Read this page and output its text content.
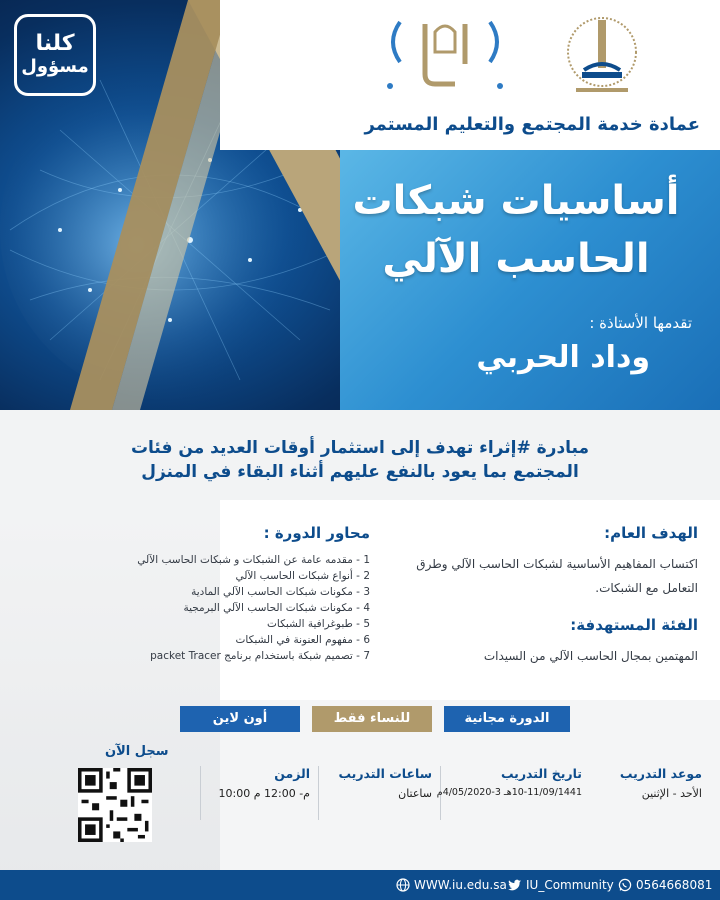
كلنا
مسؤول
عمادة خدمة المجتمع والتعليم المستمر
أساسيات شبكات
الحاسب الآلي
تقدمها الأستاذة :
وداد الحربي
مبادرة #إثراء تهدف إلى استثمار أوقات العديد من فئات
المجتمع بما يعود بالنفع عليهم أثناء البقاء في المنزل
الهدف العام:
اكتساب المفاهيم الأساسية لشبكات الحاسب الآلي وطرق التعامل مع الشبكات.
الفئة المستهدفة:
المهتمين بمجال الحاسب الآلي من السيدات
محاور الدورة :
1 - مقدمه عامة عن الشبكات و شبكات الحاسب الآلي
2 - أنواع شبكات الحاسب الآلي
3 - مكونات شبكات الحاسب الآلي المادية
4 - مكونات شبكات الحاسب الآلي البرمجية
5 - طبوغرافية الشبكات
6 - مفهوم العنونة في الشبكات
7 - تصميم شبكة باستخدام برنامج packet Tracer
أون لاين	للنساء فقط	الدورة مجانية
سجل الآن
موعد التدريب
الأحد - الإثنين
تاريخ التدريب
10-11/09/1441هـ 3-4/05/2020م
ساعات التدريب
ساعتان
الزمن
10:00 م- 12:00 م
WWW.iu.edu.sa IU_Community 0564668081
